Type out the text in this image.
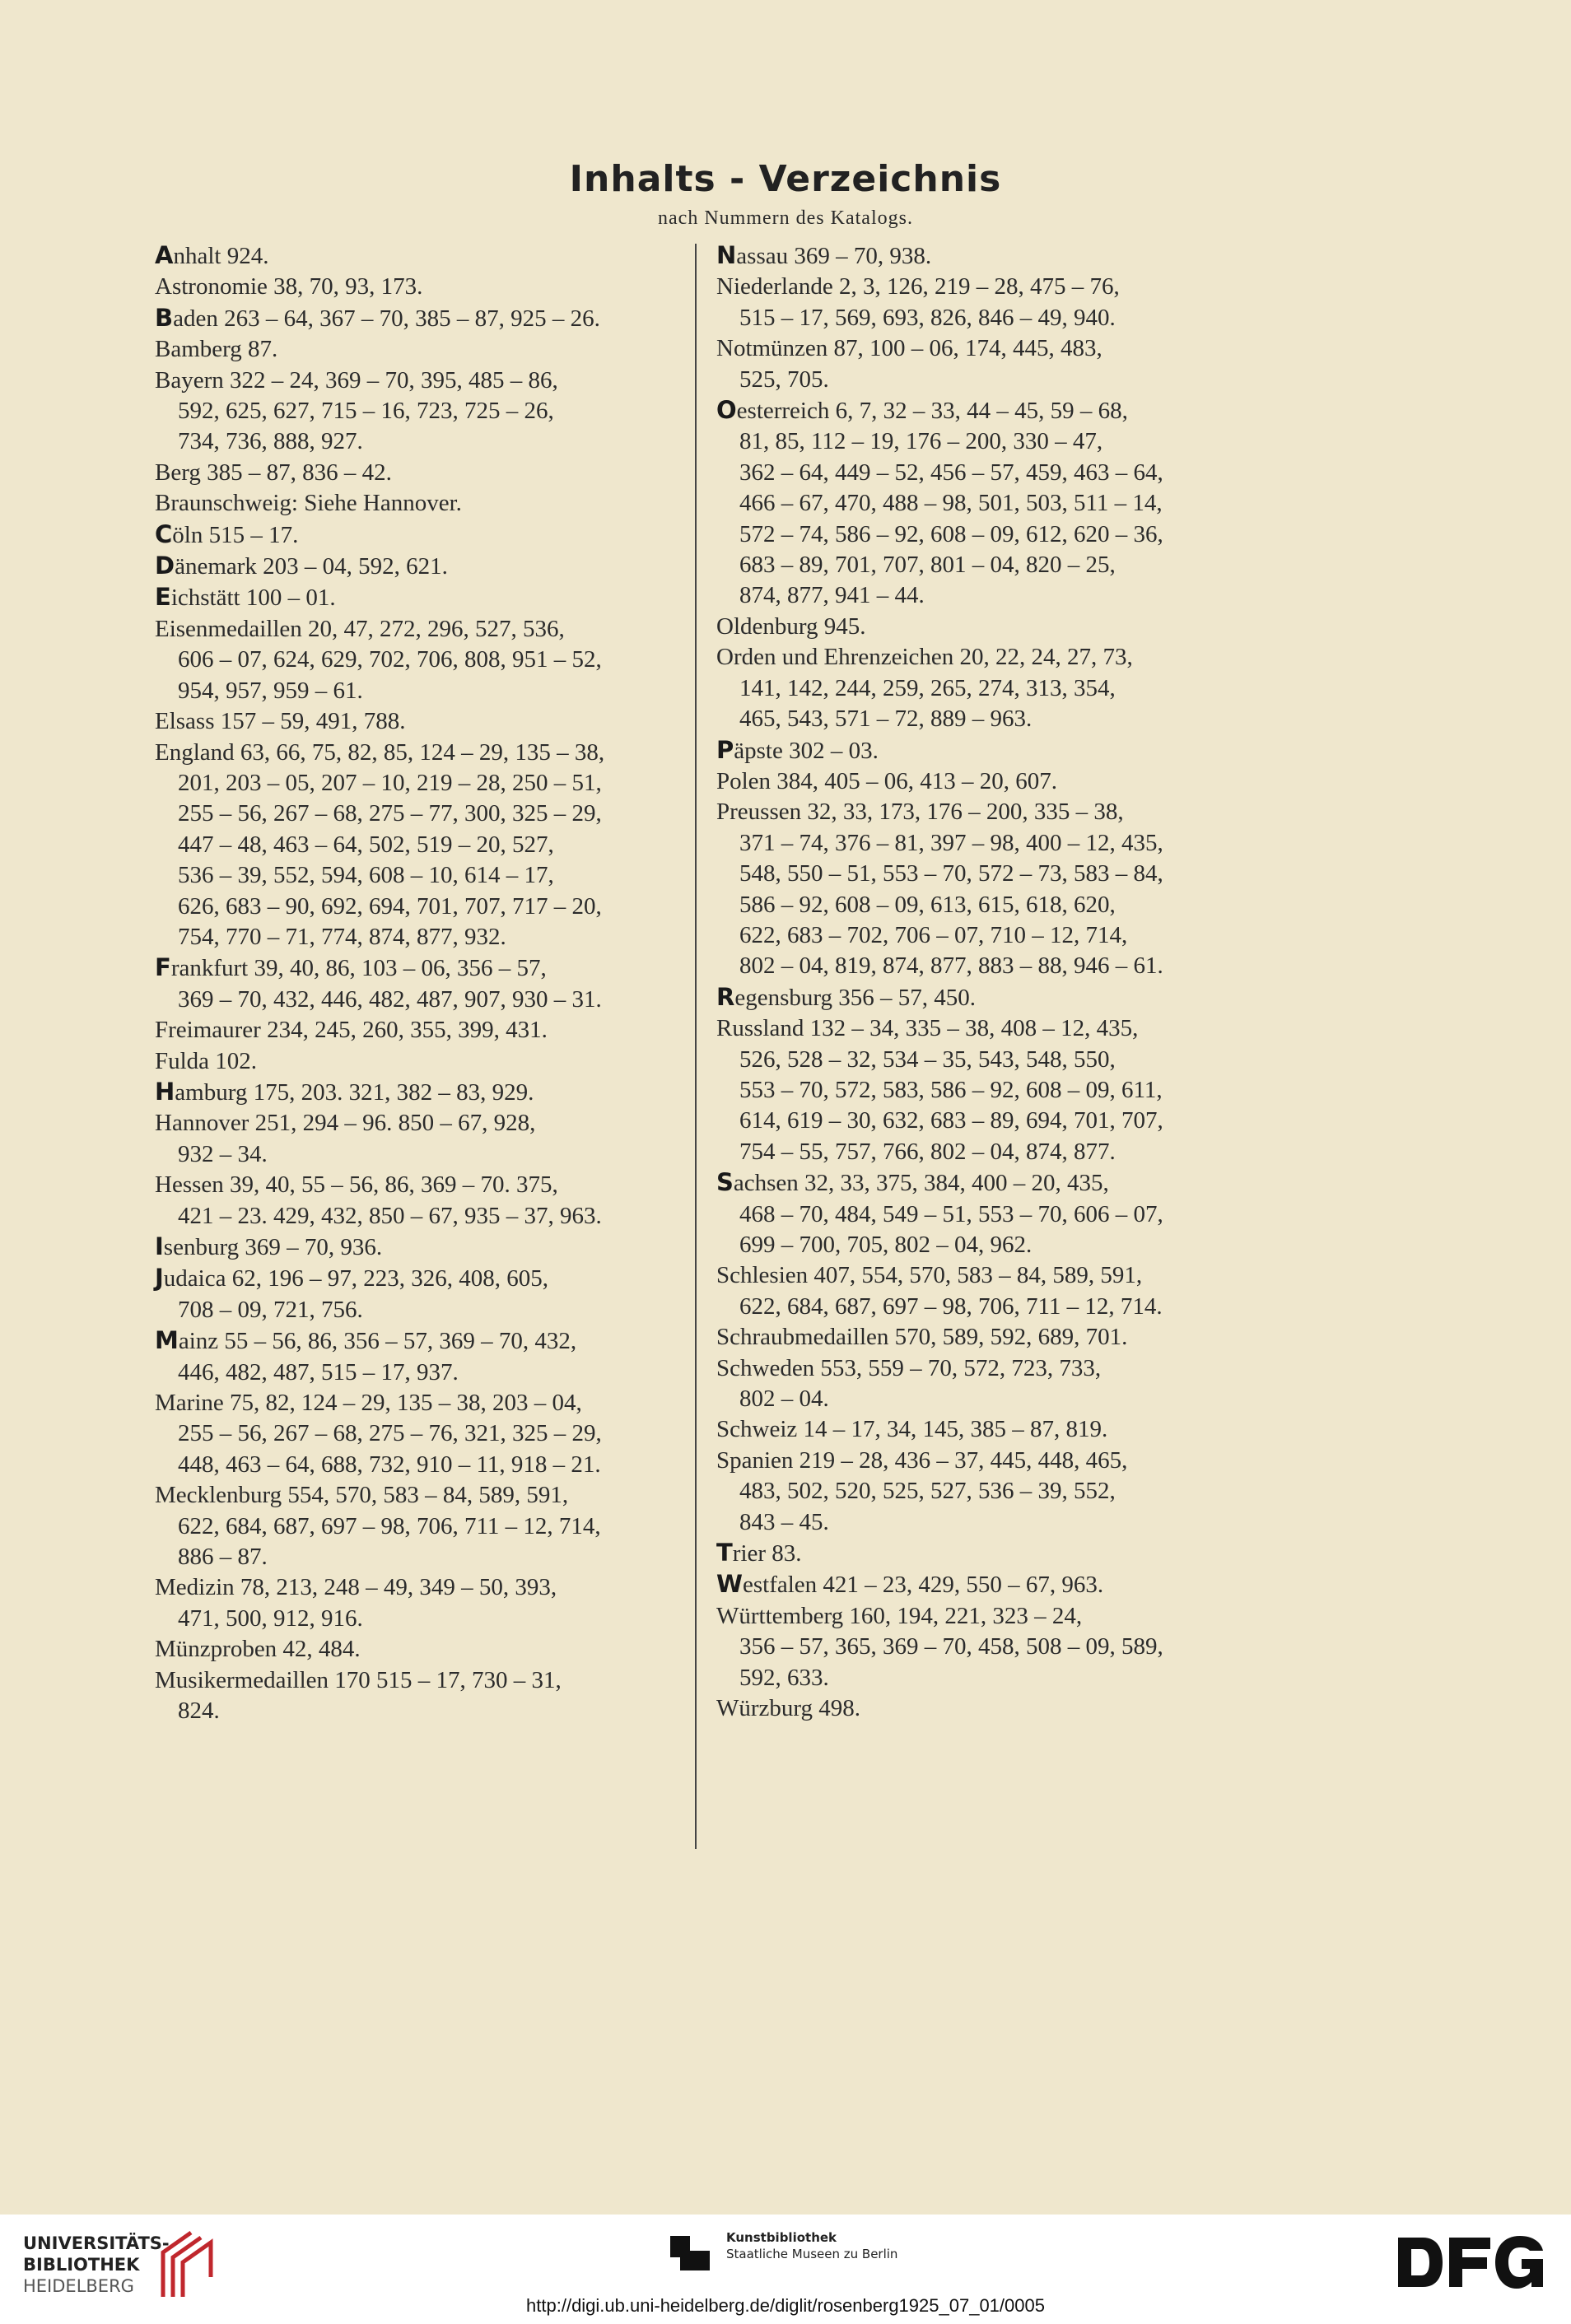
Inhalts - Verzeichnis
nach Nummern des Katalogs.
Anhalt 924.
Astronomie 38, 70, 93, 173.
Baden 263 – 64, 367 – 70, 385 – 87, 925 – 26.
Bamberg 87.
Bayern 322 – 24, 369 – 70, 395, 485 – 86,
592, 625, 627, 715 – 16, 723, 725 – 26,
734, 736, 888, 927.
Berg 385 – 87, 836 – 42.
Braunschweig: Siehe Hannover.
Cöln 515 – 17.
Dänemark 203 – 04, 592, 621.
Eichstätt 100 – 01.
Eisenmedaillen 20, 47, 272, 296, 527, 536,
606 – 07, 624, 629, 702, 706, 808, 951 – 52,
954, 957, 959 – 61.
Elsass 157 – 59, 491, 788.
England 63, 66, 75, 82, 85, 124 – 29, 135 – 38,
201, 203 – 05, 207 – 10, 219 – 28, 250 – 51,
255 – 56, 267 – 68, 275 – 77, 300, 325 – 29,
447 – 48, 463 – 64, 502, 519 – 20, 527,
536 – 39, 552, 594, 608 – 10, 614 – 17,
626, 683 – 90, 692, 694, 701, 707, 717 – 20,
754, 770 – 71, 774, 874, 877, 932.
Frankfurt 39, 40, 86, 103 – 06, 356 – 57,
369 – 70, 432, 446, 482, 487, 907, 930 – 31.
Freimaurer 234, 245, 260, 355, 399, 431.
Fulda 102.
Hamburg 175, 203. 321, 382 – 83, 929.
Hannover 251, 294 – 96. 850 – 67, 928,
932 – 34.
Hessen 39, 40, 55 – 56, 86, 369 – 70. 375,
421 – 23. 429, 432, 850 – 67, 935 – 37, 963.
Isenburg 369 – 70, 936.
Judaica 62, 196 – 97, 223, 326, 408, 605,
708 – 09, 721, 756.
Mainz 55 – 56, 86, 356 – 57, 369 – 70, 432,
446, 482, 487, 515 – 17, 937.
Marine 75, 82, 124 – 29, 135 – 38, 203 – 04,
255 – 56, 267 – 68, 275 – 76, 321, 325 – 29,
448, 463 – 64, 688, 732, 910 – 11, 918 – 21.
Mecklenburg 554, 570, 583 – 84, 589, 591,
622, 684, 687, 697 – 98, 706, 711 – 12, 714,
886 – 87.
Medizin 78, 213, 248 – 49, 349 – 50, 393,
471, 500, 912, 916.
Münzproben 42, 484.
Musikermedaillen 170 515 – 17, 730 – 31,
824.
Nassau 369 – 70, 938.
Niederlande 2, 3, 126, 219 – 28, 475 – 76,
515 – 17, 569, 693, 826, 846 – 49, 940.
Notmünzen 87, 100 – 06, 174, 445, 483,
525, 705.
Oesterreich 6, 7, 32 – 33, 44 – 45, 59 – 68,
81, 85, 112 – 19, 176 – 200, 330 – 47,
362 – 64, 449 – 52, 456 – 57, 459, 463 – 64,
466 – 67, 470, 488 – 98, 501, 503, 511 – 14,
572 – 74, 586 – 92, 608 – 09, 612, 620 – 36,
683 – 89, 701, 707, 801 – 04, 820 – 25,
874, 877, 941 – 44.
Oldenburg 945.
Orden und Ehrenzeichen 20, 22, 24, 27, 73,
141, 142, 244, 259, 265, 274, 313, 354,
465, 543, 571 – 72, 889 – 963.
Päpste 302 – 03.
Polen 384, 405 – 06, 413 – 20, 607.
Preussen 32, 33, 173, 176 – 200, 335 – 38,
371 – 74, 376 – 81, 397 – 98, 400 – 12, 435,
548, 550 – 51, 553 – 70, 572 – 73, 583 – 84,
586 – 92, 608 – 09, 613, 615, 618, 620,
622, 683 – 702, 706 – 07, 710 – 12, 714,
802 – 04, 819, 874, 877, 883 – 88, 946 – 61.
Regensburg 356 – 57, 450.
Russland 132 – 34, 335 – 38, 408 – 12, 435,
526, 528 – 32, 534 – 35, 543, 548, 550,
553 – 70, 572, 583, 586 – 92, 608 – 09, 611,
614, 619 – 30, 632, 683 – 89, 694, 701, 707,
754 – 55, 757, 766, 802 – 04, 874, 877.
Sachsen 32, 33, 375, 384, 400 – 20, 435,
468 – 70, 484, 549 – 51, 553 – 70, 606 – 07,
699 – 700, 705, 802 – 04, 962.
Schlesien 407, 554, 570, 583 – 84, 589, 591,
622, 684, 687, 697 – 98, 706, 711 – 12, 714.
Schraubmedaillen 570, 589, 592, 689, 701.
Schweden 553, 559 – 70, 572, 723, 733,
802 – 04.
Schweiz 14 – 17, 34, 145, 385 – 87, 819.
Spanien 219 – 28, 436 – 37, 445, 448, 465,
483, 502, 520, 525, 527, 536 – 39, 552,
843 – 45.
Trier 83.
Westfalen 421 – 23, 429, 550 – 67, 963.
Württemberg 160, 194, 221, 323 – 24,
356 – 57, 365, 369 – 70, 458, 508 – 09, 589,
592, 633.
Würzburg 498.
UNIVERSITÄTS-
BIBLIOTHEK
HEIDELBERG
Kunstbibliothek
Staatliche Museen zu Berlin
http://digi.ub.uni-heidelberg.de/diglit/rosenberg1925_07_01/0005
